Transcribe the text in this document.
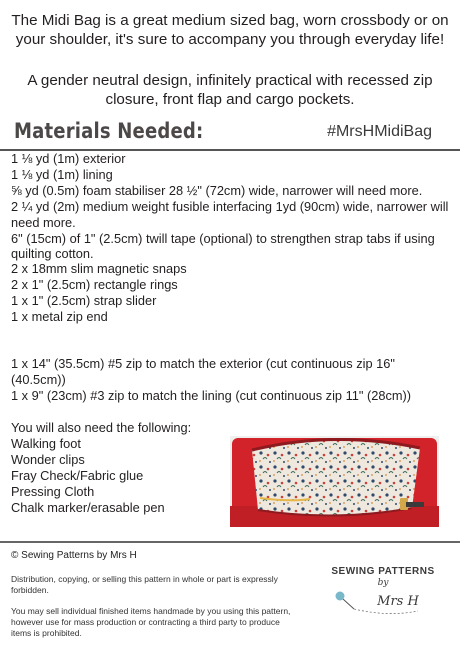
The Midi Bag is a great medium sized bag, worn crossbody or on your shoulder, it's sure to accompany you through everyday life!

A gender neutral design, infinitely practical with recessed zip closure, front flap and cargo pockets.

Materials Needed:	#MrsHMidiBag
1 ⅛ yd (1m) exterior
1 ⅛ yd (1m) lining
⅝ yd (0.5m) foam stabiliser 28 ½" (72cm) wide, narrower will need more.
2 ¼ yd (2m) medium weight fusible interfacing 1yd (90cm) wide, narrower will need more.
6" (15cm) of 1" (2.5cm) twill tape (optional) to strengthen strap tabs if using quilting cotton.
2 x 18mm slim magnetic snaps
2 x 1" (2.5cm) rectangle rings
1 x 1" (2.5cm) strap slider
1 x metal zip end
1 x 14" (35.5cm) #5 zip to match the exterior (cut continuous zip 16" (40.5cm))
1 x 9" (23cm) #3 zip to match the lining (cut continuous zip 11" (28cm))

You will also need the following:

Walking foot
Wonder clips
Fray Check/Fabric glue
Pressing Cloth
Chalk marker/erasable pen

© Sewing Patterns by Mrs H

Distribution, copying, or selling this pattern in whole or part is expressly forbidden.

You may sell individual finished items handmade by you using this pattern, however use for mass production or contracting a third party to produce items is prohibited.

SEWING PATTERNS

by

Mrs H
